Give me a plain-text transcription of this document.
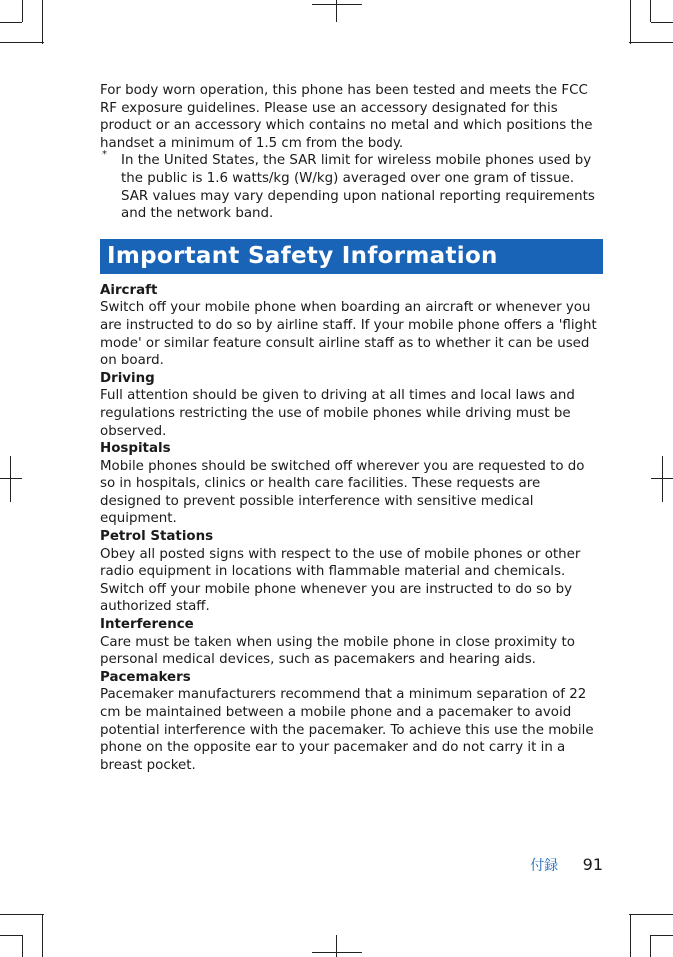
For body worn operation, this phone has been tested and meets the FCC RF exposure guidelines. Please use an accessory designated for this product or an accessory which contains no metal and which positions the handset a minimum of 1.5 cm from the body.

* In the United States, the SAR limit for wireless mobile phones used by the public is 1.6 watts/kg (W/kg) averaged over one gram of tissue. SAR values may vary depending upon national reporting requirements and the network band.

Important Safety Information
Aircraft

Switch off your mobile phone when boarding an aircraft or whenever you are instructed to do so by airline staff. If your mobile phone offers a 'flight mode' or similar feature consult airline staff as to whether it can be used on board.

Driving

Full attention should be given to driving at all times and local laws and regulations restricting the use of mobile phones while driving must be observed.

Hospitals

Mobile phones should be switched off wherever you are requested to do so in hospitals, clinics or health care facilities. These requests are designed to prevent possible interference with sensitive medical equipment.

Petrol Stations

Obey all posted signs with respect to the use of mobile phones or other radio equipment in locations with flammable material and chemicals. Switch off your mobile phone whenever you are instructed to do so by authorized staff.

Interference

Care must be taken when using the mobile phone in close proximity to personal medical devices, such as pacemakers and hearing aids.

Pacemakers

Pacemaker manufacturers recommend that a minimum separation of 22 cm be maintained between a mobile phone and a pacemaker to avoid potential interference with the pacemaker. To achieve this use the mobile phone on the opposite ear to your pacemaker and do not carry it in a breast pocket.

付録 91
